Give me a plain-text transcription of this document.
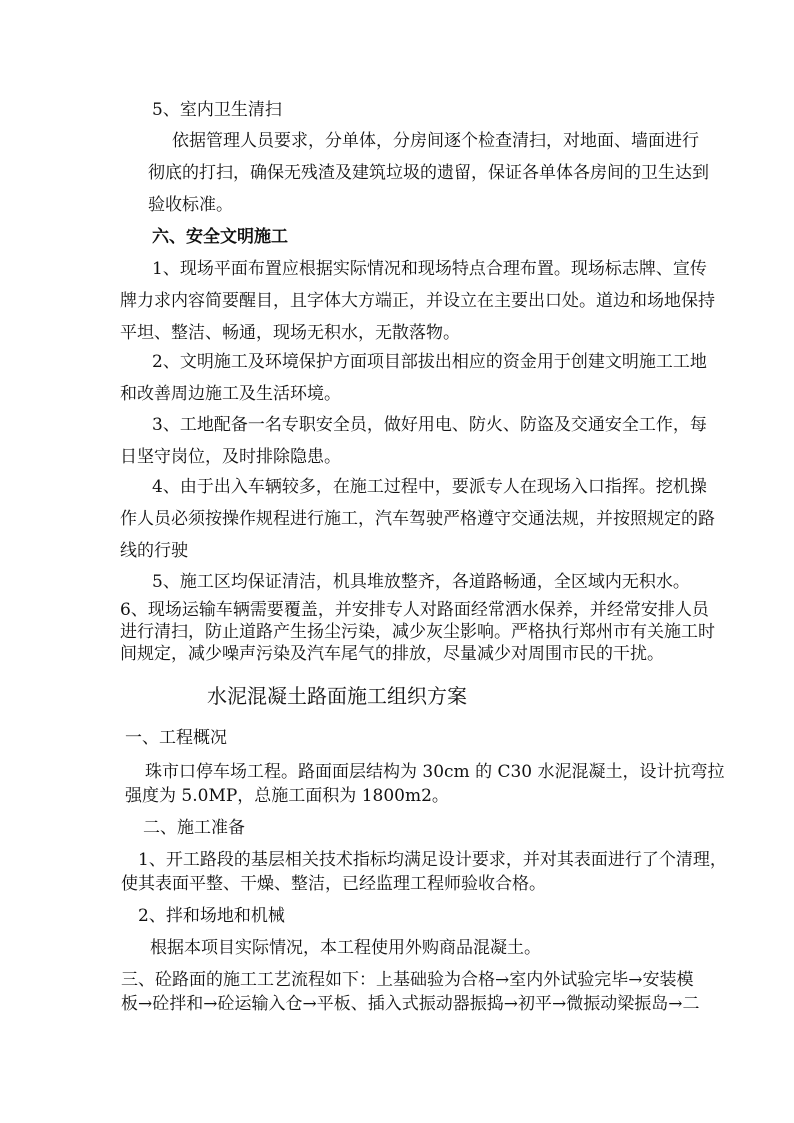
5、室内卫生清扫

依据管理人员要求，分单体，分房间逐个检查清扫，对地面、墙面进行

彻底的打扫，确保无残渣及建筑垃圾的遗留，保证各单体各房间的卫生达到

验收标准。

六、安全文明施工

1、现场平面布置应根据实际情况和现场特点合理布置。现场标志牌、宣传

牌力求内容简要醒目，且字体大方端正，并设立在主要出口处。道边和场地保持

平坦、整洁、畅通，现场无积水，无散落物。

2、文明施工及环境保护方面项目部拔出相应的资金用于创建文明施工工地

和改善周边施工及生活环境。

3、工地配备一名专职安全员，做好用电、防火、防盗及交通安全工作，每

日坚守岗位，及时排除隐患。

4、由于出入车辆较多，在施工过程中，要派专人在现场入口指挥。挖机操

作人员必须按操作规程进行施工，汽车驾驶严格遵守交通法规，并按照规定的路

线的行驶

5、施工区均保证清洁，机具堆放整齐，各道路畅通，全区域内无积水。

6、现场运输车辆需要覆盖，并安排专人对路面经常洒水保养，并经常安排人员

进行清扫，防止道路产生扬尘污染，减少灰尘影响。严格执行郑州市有关施工时

间规定，减少噪声污染及汽车尾气的排放，尽量减少对周围市民的干扰。

水泥混凝土路面施工组织方案

一、工程概况

珠市口停车场工程。路面面层结构为 30cm 的 C30 水泥混凝土，设计抗弯拉

强度为 5.0MP，总施工面积为 1800m2。

二、施工准备

1、开工路段的基层相关技术指标均满足设计要求，并对其表面进行了个清理，

使其表面平整、干燥、整洁，已经监理工程师验收合格。

2、拌和场地和机械

根据本项目实际情况，本工程使用外购商品混凝土。

三、砼路面的施工工艺流程如下：上基础验为合格→室内外试验完毕→安装模

板→砼拌和→砼运输入仓→平板、插入式振动器振捣→初平→微振动梁振岛→二
